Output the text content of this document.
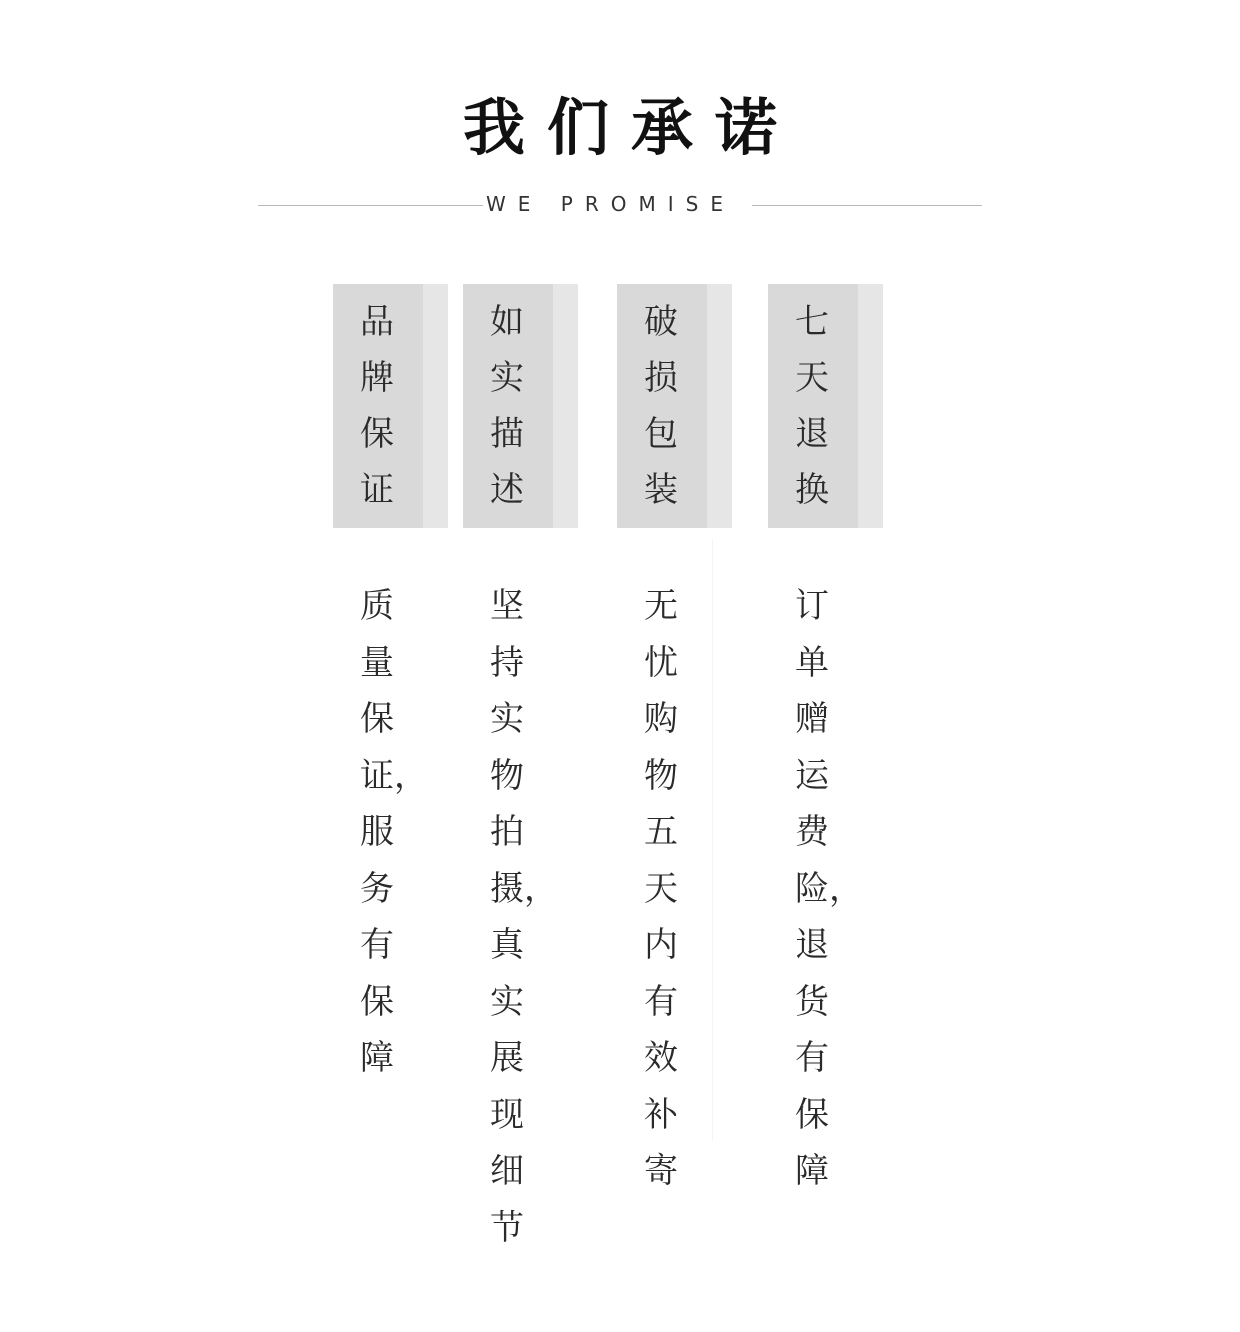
我们承诺
WE PROMISE
品牌保证
质量保证，服务有保障
如实描述
坚持实物拍摄，真实展现细节
破损包装
无忧购物五天内有效补寄
七天退换
订单赠运费险，退货有保障
